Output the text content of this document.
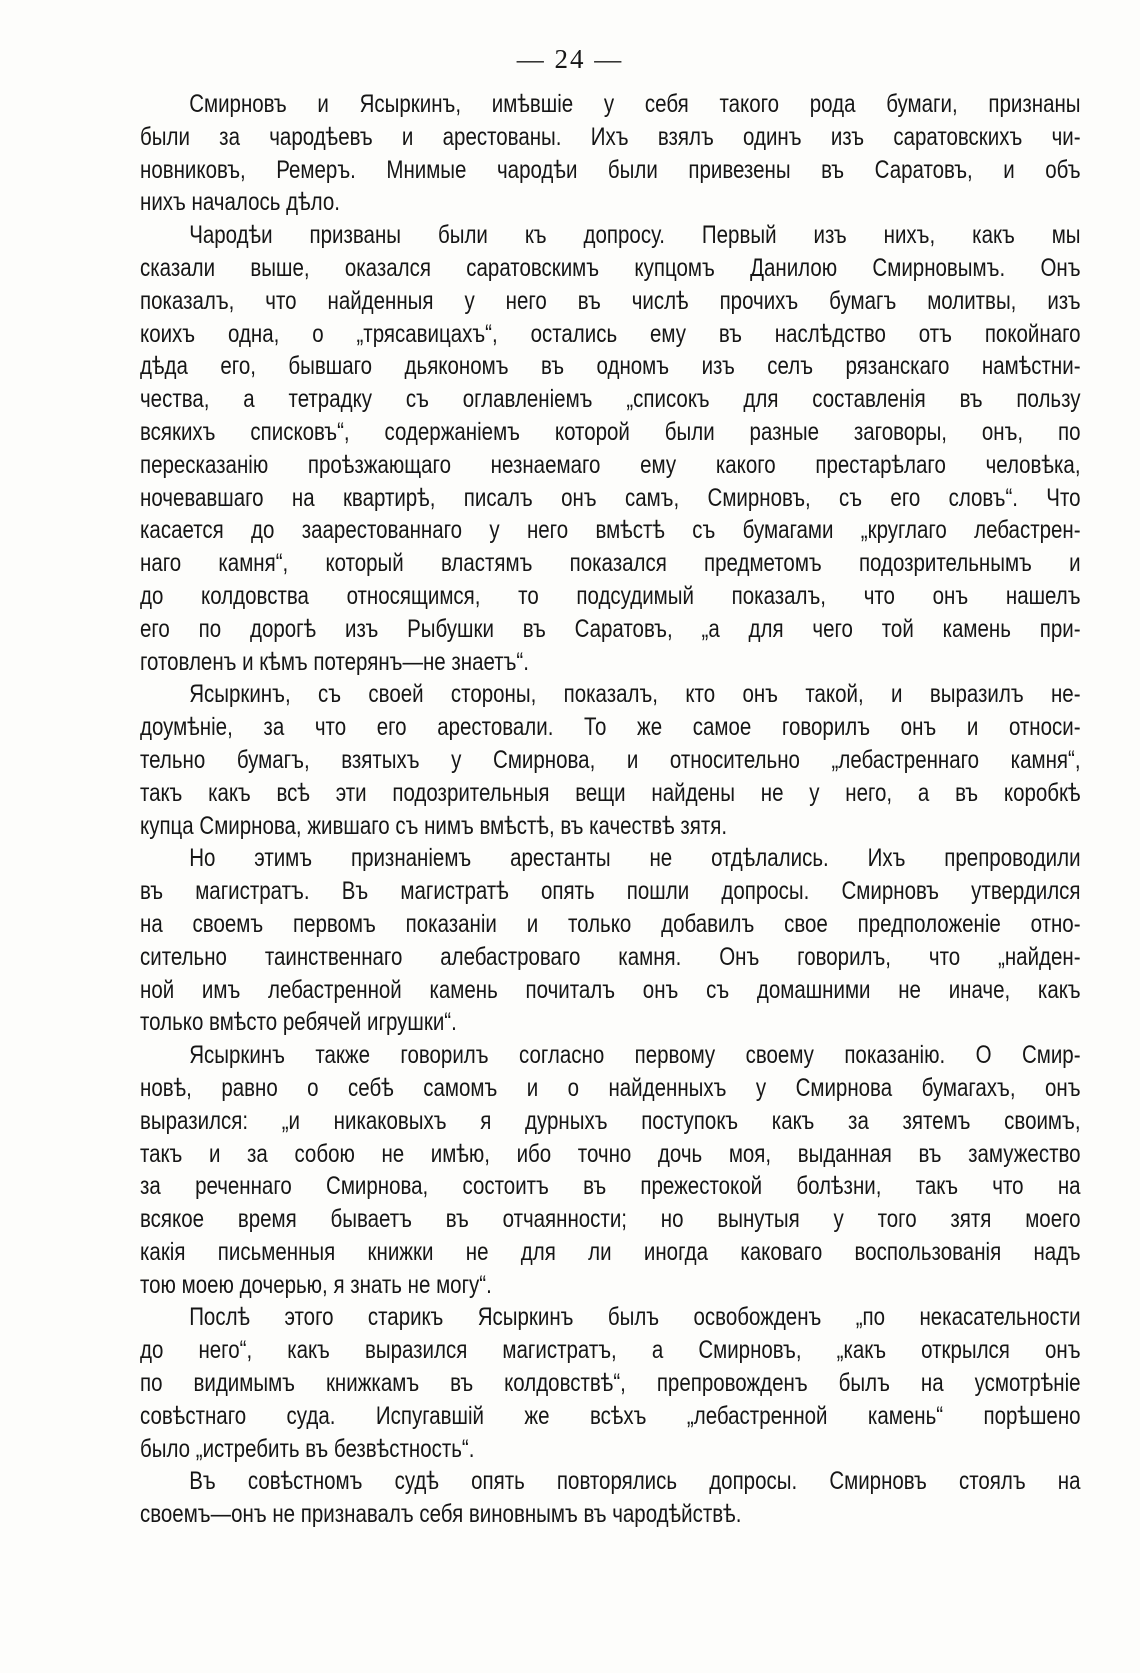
— 24 —
Смирновъ и Ясыркинъ, имѣвшіе у себя такого рода бумаги, признаны
были за чародѣевъ и арестованы. Ихъ взялъ одинъ изъ саратовскихъ чи-
новниковъ, Ремеръ. Мнимые чародѣи были привезены въ Саратовъ, и объ
нихъ началось дѣло.
Чародѣи призваны были къ допросу. Первый изъ нихъ, какъ мы
сказали выше, оказался саратовскимъ купцомъ Данилою Смирновымъ. Онъ
показалъ, что найденныя у него въ числѣ прочихъ бумагъ молитвы, изъ
коихъ одна, о „трясавицахъ“, остались ему въ наслѣдство отъ покойнаго
дѣда его, бывшаго дьякономъ въ одномъ изъ селъ рязанскаго намѣстни-
чества, а тетрадку съ оглавленіемъ „списокъ для составленія въ пользу
всякихъ списковъ“, содержаніемъ которой были разные заговоры, онъ, по
пересказанію проѣзжающаго незнаемаго ему какого престарѣлаго человѣка,
ночевавшаго на квартирѣ, писалъ онъ самъ, Смирновъ, съ его словъ“. Что
касается до заарестованнаго у него вмѣстѣ съ бумагами „круглаго лебастрен-
наго камня“, который властямъ показался предметомъ подозрительнымъ и
до колдовства относящимся, то подсудимый показалъ, что онъ нашелъ
его по дорогѣ изъ Рыбушки въ Саратовъ, „а для чего той камень при-
готовленъ и кѣмъ потерянъ—не знаетъ“.
Ясыркинъ, съ своей стороны, показалъ, кто онъ такой, и выразилъ не-
доумѣніе, за что его арестовали. То же самое говорилъ онъ и относи-
тельно бумагъ, взятыхъ у Смирнова, и относительно „лебастреннаго камня“,
такъ какъ всѣ эти подозрительныя вещи найдены не у него, а въ коробкѣ
купца Смирнова, жившаго съ нимъ вмѣстѣ, въ качествѣ зятя.
Но этимъ признаніемъ арестанты не отдѣлались. Ихъ препроводили
въ магистратъ. Въ магистратѣ опять пошли допросы. Смирновъ утвердился
на своемъ первомъ показаніи и только добавилъ свое предположеніе отно-
сительно таинственнаго алебастроваго камня. Онъ говорилъ, что „найден-
ной имъ лебастренной камень почиталъ онъ съ домашними не иначе, какъ
только вмѣсто ребячей игрушки“.
Ясыркинъ также говорилъ согласно первому своему показанію. О Смир-
новѣ, равно о себѣ самомъ и о найденныхъ у Смирнова бумагахъ, онъ
выразился: „и никаковыхъ я дурныхъ поступокъ какъ за зятемъ своимъ,
такъ и за собою не имѣю, ибо точно дочь моя, выданная въ замужество
за реченнаго Смирнова, состоитъ въ прежестокой болѣзни, такъ что на
всякое время бываетъ въ отчаянности; но вынутыя у того зятя моего
какія письменныя книжки не для ли иногда каковаго воспользованія надъ
тою моею дочерью, я знать не могу“.
Послѣ этого старикъ Ясыркинъ былъ освобожденъ „по некасательности
до него“, какъ выразился магистратъ, а Смирновъ, „какъ открылся онъ
по видимымъ книжкамъ въ колдовствѣ“, препровожденъ былъ на усмотрѣніе
совѣстнаго суда. Испугавшій же всѣхъ „лебастренной камень“ порѣшено
было „истребить въ безвѣстность“.
Въ совѣстномъ судѣ опять повторялись допросы. Смирновъ стоялъ на
своемъ—онъ не признавалъ себя виновнымъ въ чародѣйствѣ.
